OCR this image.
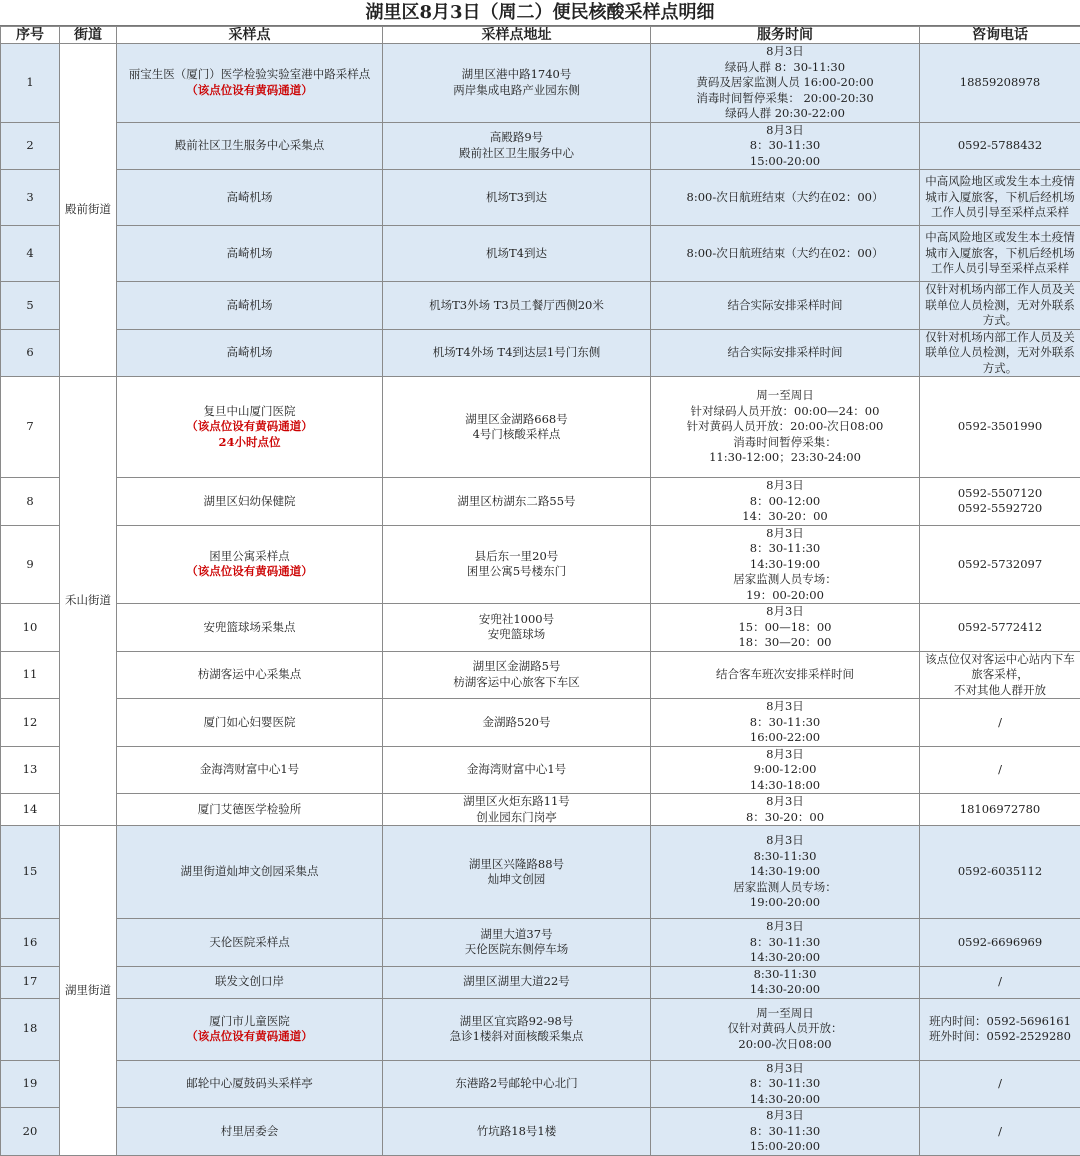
湖里区8月3日（周二）便民核酸采样点明细
序号	街道	采样点	采样点地址	服务时间	咨询电话
1	殿前街道	丽宝生医（厦门）医学检验实验室港中路采样点
（该点位设有黄码通道）	湖里区港中路1740号
两岸集成电路产业园东侧	8月3日
绿码人群 8：30-11:30
黄码及居家监测人员 16:00-20:00
消毒时间暂停采集： 20:00-20:30
绿码人群 20:30-22:00	18859208978

2		殿前社区卫生服务中心采集点	高殿路9号
殿前社区卫生服务中心	8月3日
8：30-11:30
15:00-20:00	0592-5788432

3		高崎机场	机场T3到达	8:00-次日航班结束（大约在02：00）	中高风险地区或发生本土疫情城市入厦旅客，下机后经机场工作人员引导至采样点采样

4		高崎机场	机场T4到达	8:00-次日航班结束（大约在02：00）	中高风险地区或发生本土疫情城市入厦旅客，下机后经机场工作人员引导至采样点采样

5		高崎机场	机场T3外场 T3员工餐厅西侧20米	结合实际安排采样时间	仅针对机场内部工作人员及关联单位人员检测，无对外联系方式。

6		高崎机场	机场T4外场 T4到达层1号门东侧	结合实际安排采样时间	仅针对机场内部工作人员及关联单位人员检测，无对外联系方式。

7	禾山街道	复旦中山厦门医院
（该点位设有黄码通道）
24小时点位	湖里区金湖路668号
4号门核酸采样点	周一至周日
针对绿码人员开放：00:00—24：00
针对黄码人员开放：20:00-次日08:00
消毒时间暂停采集：
11:30-12:00；23:30-24:00	0592-3501990

8		湖里区妇幼保健院	湖里区枋湖东二路55号	8月3日
8：00-12:00
14：30-20：00	0592-5507120
0592-5592720

9		囷里公寓采样点
（该点位设有黄码通道）	县后东一里20号
囷里公寓5号楼东门	8月3日
8：30-11:30
14:30-19:00
居家监测人员专场：
19：00-20:00	0592-5732097

10		安兜篮球场采集点	安兜社1000号
安兜篮球场	8月3日
15：00—18：00
18：30—20：00	0592-5772412

11		枋湖客运中心采集点	湖里区金湖路5号
枋湖客运中心旅客下车区	结合客车班次安排采样时间	该点位仅对客运中心站内下车旅客采样，
不对其他人群开放

12		厦门如心妇婴医院	金湖路520号	8月3日
8：30-11:30
16:00-22:00	/

13		金海湾财富中心1号	金海湾财富中心1号	8月3日
9:00-12:00
14:30-18:00	/

14		厦门艾德医学检验所	湖里区火炬东路11号
创业园东门岗亭	8月3日
8：30-20：00	18106972780

15	湖里街道	湖里街道灿坤文创园采集点	湖里区兴隆路88号
灿坤文创园	8月3日
8:30-11:30
14:30-19:00
居家监测人员专场：
19:00-20:00	0592-6035112

16		天伦医院采样点	湖里大道37号
天伦医院东侧停车场	8月3日
8：30-11:30
14:30-20:00	0592-6696969

17		联发文创口岸	湖里区湖里大道22号	8:30-11:30
14:30-20:00	/

18		厦门市儿童医院
（该点位设有黄码通道）	湖里区宜宾路92-98号
急诊1楼斜对面核酸采集点	周一至周日
仅针对黄码人员开放：
20:00-次日08:00	班内时间：0592-5696161
班外时间：0592-2529280

19		邮轮中心厦鼓码头采样亭	东港路2号邮轮中心北门	8月3日
8：30-11:30
14:30-20:00	/

20		村里居委会	竹坑路18号1楼	8月3日
8：30-11:30
15:00-20:00	/
